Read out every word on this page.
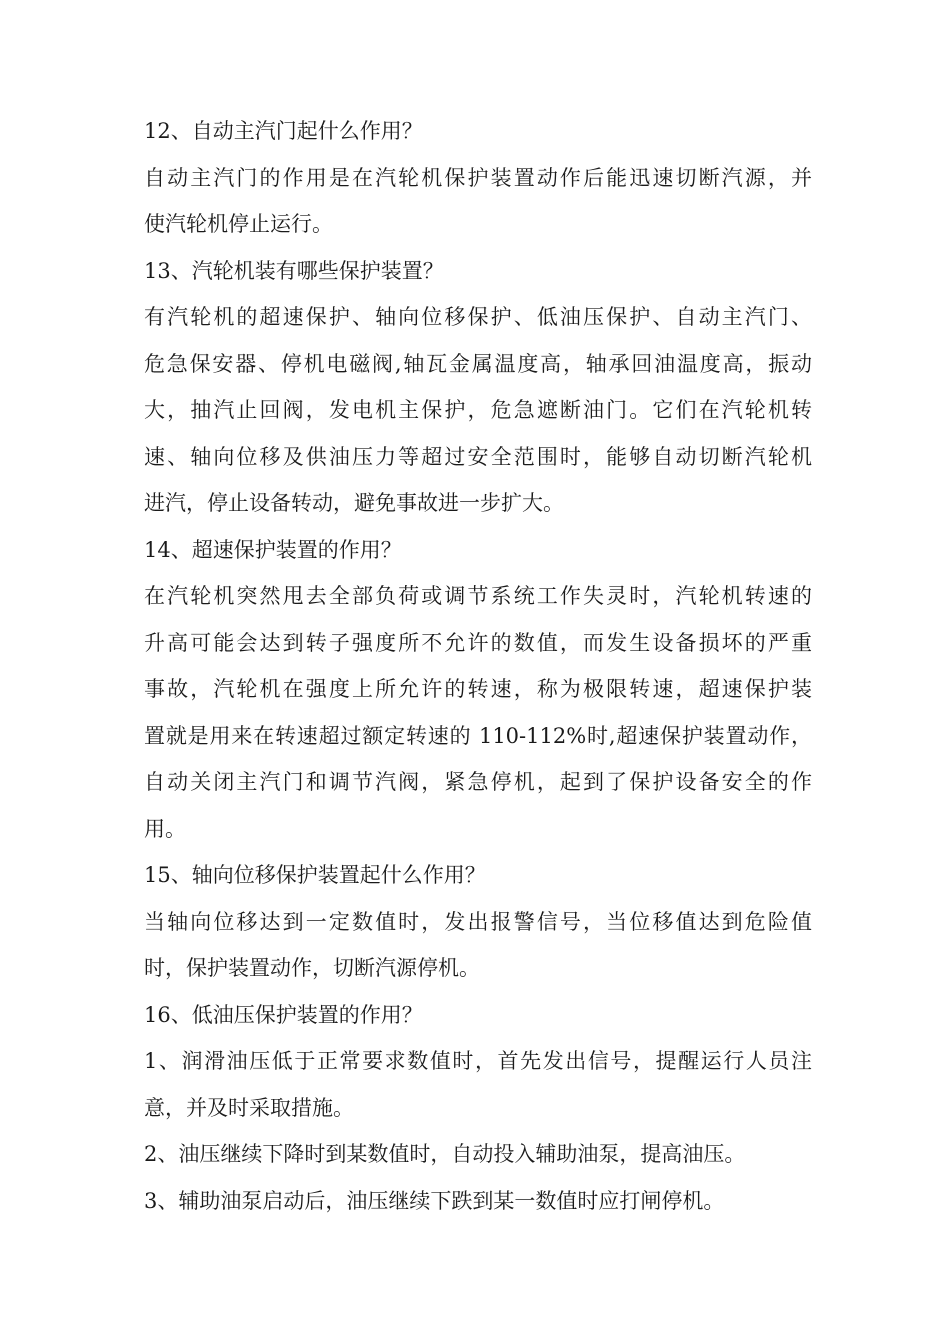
12、自动主汽门起什么作用？
自动主汽门的作用是在汽轮机保护装置动作后能迅速切断汽源，并
使汽轮机停止运行。
13、汽轮机装有哪些保护装置？
有汽轮机的超速保护、轴向位移保护、低油压保护、自动主汽门、
危急保安器、停机电磁阀,轴瓦金属温度高，轴承回油温度高，振动
大，抽汽止回阀，发电机主保护，危急遮断油门。它们在汽轮机转
速、轴向位移及供油压力等超过安全范围时，能够自动切断汽轮机
进汽，停止设备转动，避免事故进一步扩大。
14、超速保护装置的作用？
在汽轮机突然甩去全部负荷或调节系统工作失灵时，汽轮机转速的
升高可能会达到转子强度所不允许的数值，而发生设备损坏的严重
事故，汽轮机在强度上所允许的转速，称为极限转速，超速保护装
置就是用来在转速超过额定转速的 110-112%时,超速保护装置动作，
自动关闭主汽门和调节汽阀，紧急停机，起到了保护设备安全的作
用。
15、轴向位移保护装置起什么作用？
当轴向位移达到一定数值时，发出报警信号，当位移值达到危险值
时，保护装置动作，切断汽源停机。
16、低油压保护装置的作用？
1、润滑油压低于正常要求数值时，首先发出信号，提醒运行人员注
意，并及时采取措施。
2、油压继续下降时到某数值时，自动投入辅助油泵，提高油压。
3、辅助油泵启动后，油压继续下跌到某一数值时应打闸停机。
